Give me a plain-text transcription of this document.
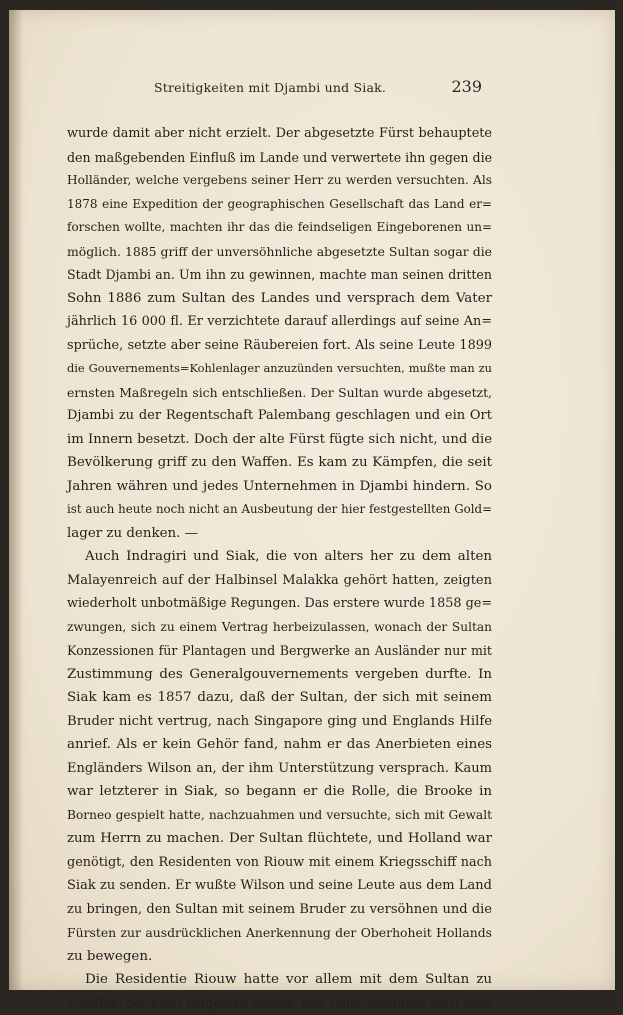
Streitigkeiten mit Djambi und Siak.	239
wurde damit aber nicht erzielt. Der abgesetzte Fürst behauptete
den maßgebenden Einfluß im Lande und verwertete ihn gegen die
Holländer, welche vergebens seiner Herr zu werden versuchten. Als
1878 eine Expedition der geographischen Gesellschaft das Land er=
forschen wollte, machten ihr das die feindseligen Eingeborenen un=
möglich. 1885 griff der unversöhnliche abgesetzte Sultan sogar die
Stadt Djambi an. Um ihn zu gewinnen, machte man seinen dritten
Sohn 1886 zum Sultan des Landes und versprach dem Vater
jährlich 16 000 fl. Er verzichtete darauf allerdings auf seine An=
sprüche, setzte aber seine Räubereien fort. Als seine Leute 1899
die Gouvernements=Kohlenlager anzuzünden versuchten, mußte man zu
ernsten Maßregeln sich entschließen. Der Sultan wurde abgesetzt,
Djambi zu der Regentschaft Palembang geschlagen und ein Ort
im Innern besetzt. Doch der alte Fürst fügte sich nicht, und die
Bevölkerung griff zu den Waffen. Es kam zu Kämpfen, die seit
Jahren währen und jedes Unternehmen in Djambi hindern. So
ist auch heute noch nicht an Ausbeutung der hier festgestellten Gold=
lager zu denken. —
Auch Indragiri und Siak, die von alters her zu dem alten
Malayenreich auf der Halbinsel Malakka gehört hatten, zeigten
wiederholt unbotmäßige Regungen. Das erstere wurde 1858 ge=
zwungen, sich zu einem Vertrag herbeizulassen, wonach der Sultan
Konzessionen für Plantagen und Bergwerke an Ausländer nur mit
Zustimmung des Generalgouvernements vergeben durfte. In
Siak kam es 1857 dazu, daß der Sultan, der sich mit seinem
Bruder nicht vertrug, nach Singapore ging und Englands Hilfe
anrief. Als er kein Gehör fand, nahm er das Anerbieten eines
Engländers Wilson an, der ihm Unterstützung versprach. Kaum
war letzterer in Siak, so begann er die Rolle, die Brooke in
Borneo gespielt hatte, nachzuahmen und versuchte, sich mit Gewalt
zum Herrn zu machen. Der Sultan flüchtete, und Holland war
genötigt, den Residenten von Riouw mit einem Kriegsschiff nach
Siak zu senden. Er wußte Wilson und seine Leute aus dem Land
zu bringen, den Sultan mit seinem Bruder zu versöhnen und die
Fürsten zur ausdrücklichen Anerkennung der Oberhoheit Hollands
zu bewegen.
Die Residentie Riouw hatte vor allem mit dem Sultan zu
schaffen, der nicht vergessen konnte, daß seine Vorfahren einst über
